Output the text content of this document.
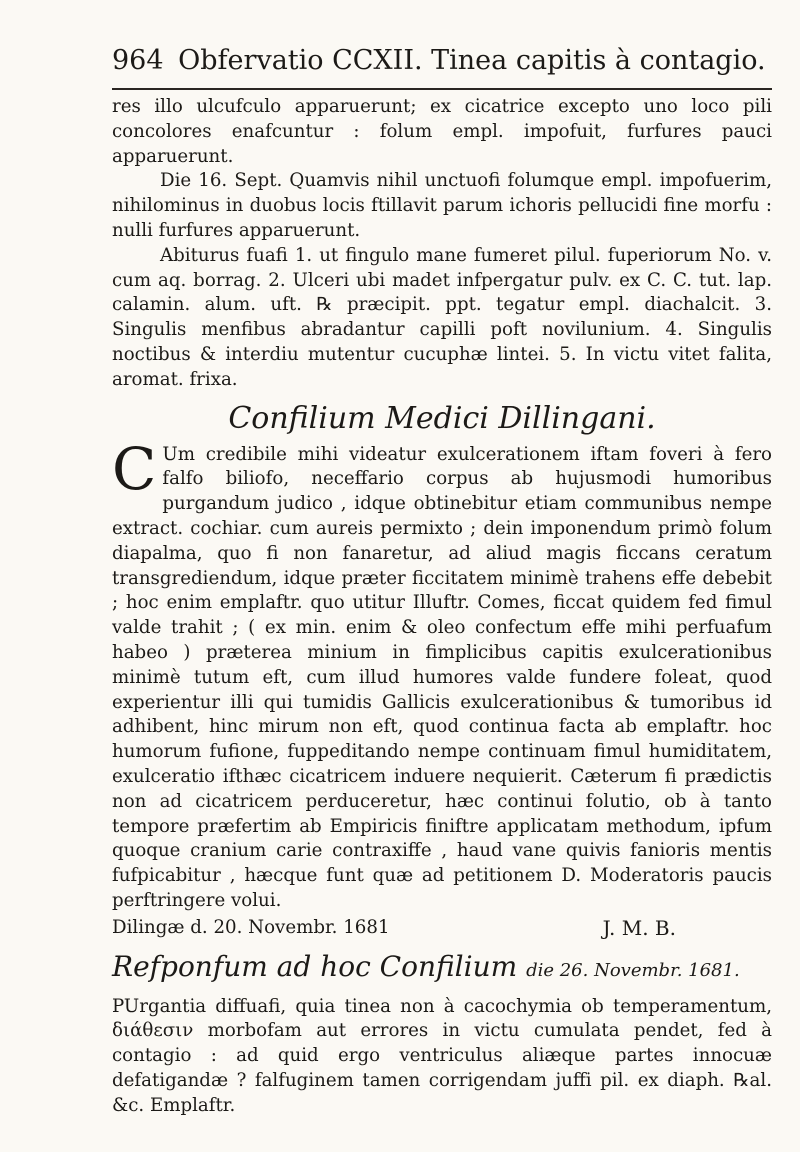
964 Obfervatio CCXII. Tinea capitis à contagio.

res illo ulcufculo apparuerunt; ex cicatrice excepto uno loco pili concolores enafcuntur : folum empl. impofuit, furfures pauci apparuerunt.

Die 16. Sept. Quamvis nihil unctuofi folumque empl. impofuerim, nihilominus in duobus locis ftillavit parum ichoris pellucidi fine morfu : nulli furfures apparuerunt.

Abiturus fuafi 1. ut fingulo mane fumeret pilul. fuperiorum No. v. cum aq. borrag. 2. Ulceri ubi madet infpergatur pulv. ex C. C. tut. lap. calamin. alum. uft. ℞ præcipit. ppt. tegatur empl. diachalcit. 3. Singulis menfibus abradantur capilli poft novilunium. 4. Singulis noctibus & interdiu mutentur cucuphæ lintei. 5. In victu vitet falita, aromat. frixa.

Confilium Medici Dillingani.

C Um credibile mihi videatur exulcerationem iftam foveri à fero falfo biliofo, neceffario corpus ab hujusmodi humoribus purgandum judico , idque obtinebitur etiam communibus nempe extract. cochiar. cum aureis permixto ; dein imponendum primò folum diapalma, quo fi non fanaretur, ad aliud magis ficcans ceratum transgrediendum, idque præter ficcitatem minimè trahens effe debebit ; hoc enim emplaftr. quo utitur Illuftr. Comes, ficcat quidem fed fimul valde trahit ; ( ex min. enim & oleo confectum effe mihi perfuafum habeo ) præterea minium in fimplicibus capitis exulcerationibus minimè tutum eft, cum illud humores valde fundere foleat, quod experientur illi qui tumidis Gallicis exulcerationibus & tumoribus id adhibent, hinc mirum non eft, quod continua facta ab emplaftr. hoc humorum fufione, fuppeditando nempe continuam fimul humiditatem, exulceratio ifthæc cicatricem induere nequierit. Cæterum fi prædictis non ad cicatricem perduceretur, hæc continui folutio, ob à tanto tempore præfertim ab Empiricis finiftre applicatam methodum, ipfum quoque cranium carie contraxiffe , haud vane quivis fanioris mentis fufpicabitur , hæcque funt quæ ad petitionem D. Moderatoris paucis perftringere volui.

Dilingæ d. 20. Novembr. 1681	J. M. B.

Refponfum ad hoc Confilium die 26. Novembr. 1681.

PUrgantia diffuafi, quia tinea non à cacochymia ob temperamentum, διάθεσιν morbofam aut errores in victu cumulata pendet, fed à contagio : ad quid ergo ventriculus aliæque partes innocuæ defatigandæ ? falfuginem tamen corrigendam juffi pil. ex diaph. ℞al. &c. Emplaftr.
